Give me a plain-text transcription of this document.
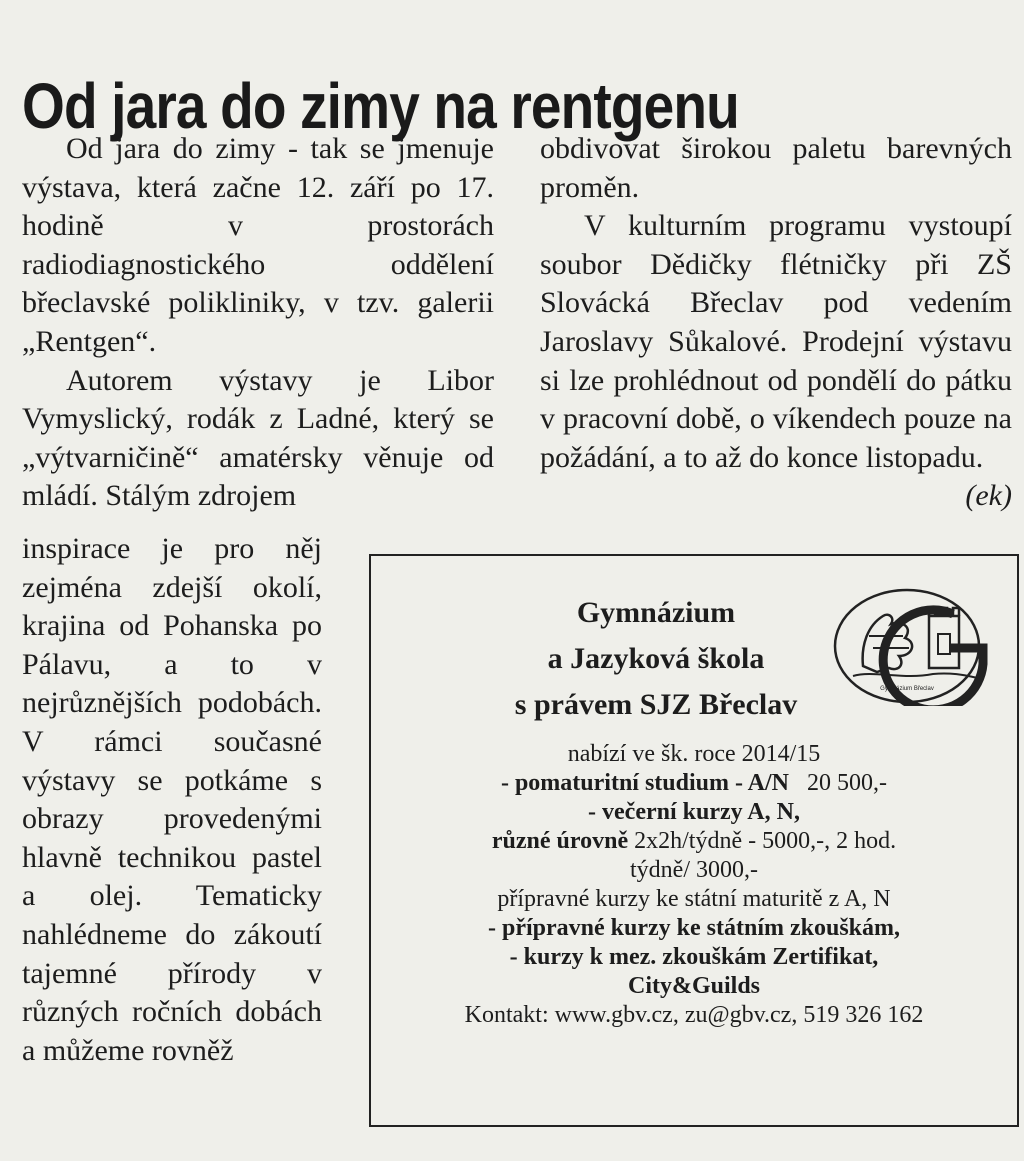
Od jara do zimy na rentgenu

Od jara do zimy - tak se jmenuje výstava, která začne 12. září po 17. hodině v prostorách radiodiagnostického oddělení břeclavské polikliniky, v tzv. galerii „Rentgen“.

Autorem výstavy je Libor Vymyslický, rodák z Ladné, který se „výtvarničině“ amatérsky věnuje od mládí. Stálým zdrojem

inspirace je pro něj zejména zdejší okolí, krajina od Pohanska po Pálavu, a to v nejrůznějších podobách. V rámci současné výstavy se potkáme s obrazy provedenými hlavně technikou pastel a olej. Tematicky nahlédneme do zákoutí tajemné přírody v různých ročních dobách a můžeme rovněž

obdivovat širokou paletu barevných proměn.

V kulturním programu vystoupí soubor Dědičky flétničky při ZŠ Slovácká Břeclav pod vedením Jaroslavy Sůkalové. Prodejní výstavu si lze prohlédnout od pondělí do pátku v pracovní době, o víkendech pouze na požádání, a to až do konce listopadu.

(ek)
Gymnázium
a Jazyková škola
s právem SJZ Břeclav	Gymnázium Břeclav
nabízí ve šk. roce 2014/15
- pomaturitní studium - A/N 20 500,-
- večerní kurzy A, N,
různé úrovně 2x2h/týdně - 5000,-, 2 hod.
týdně/ 3000,-
přípravné kurzy ke státní maturitě z A, N
- přípravné kurzy ke státním zkouškám,
- kurzy k mez. zkouškám Zertifikat,
City&Guilds
Kontakt: www.gbv.cz, zu@gbv.cz, 519 326 162
